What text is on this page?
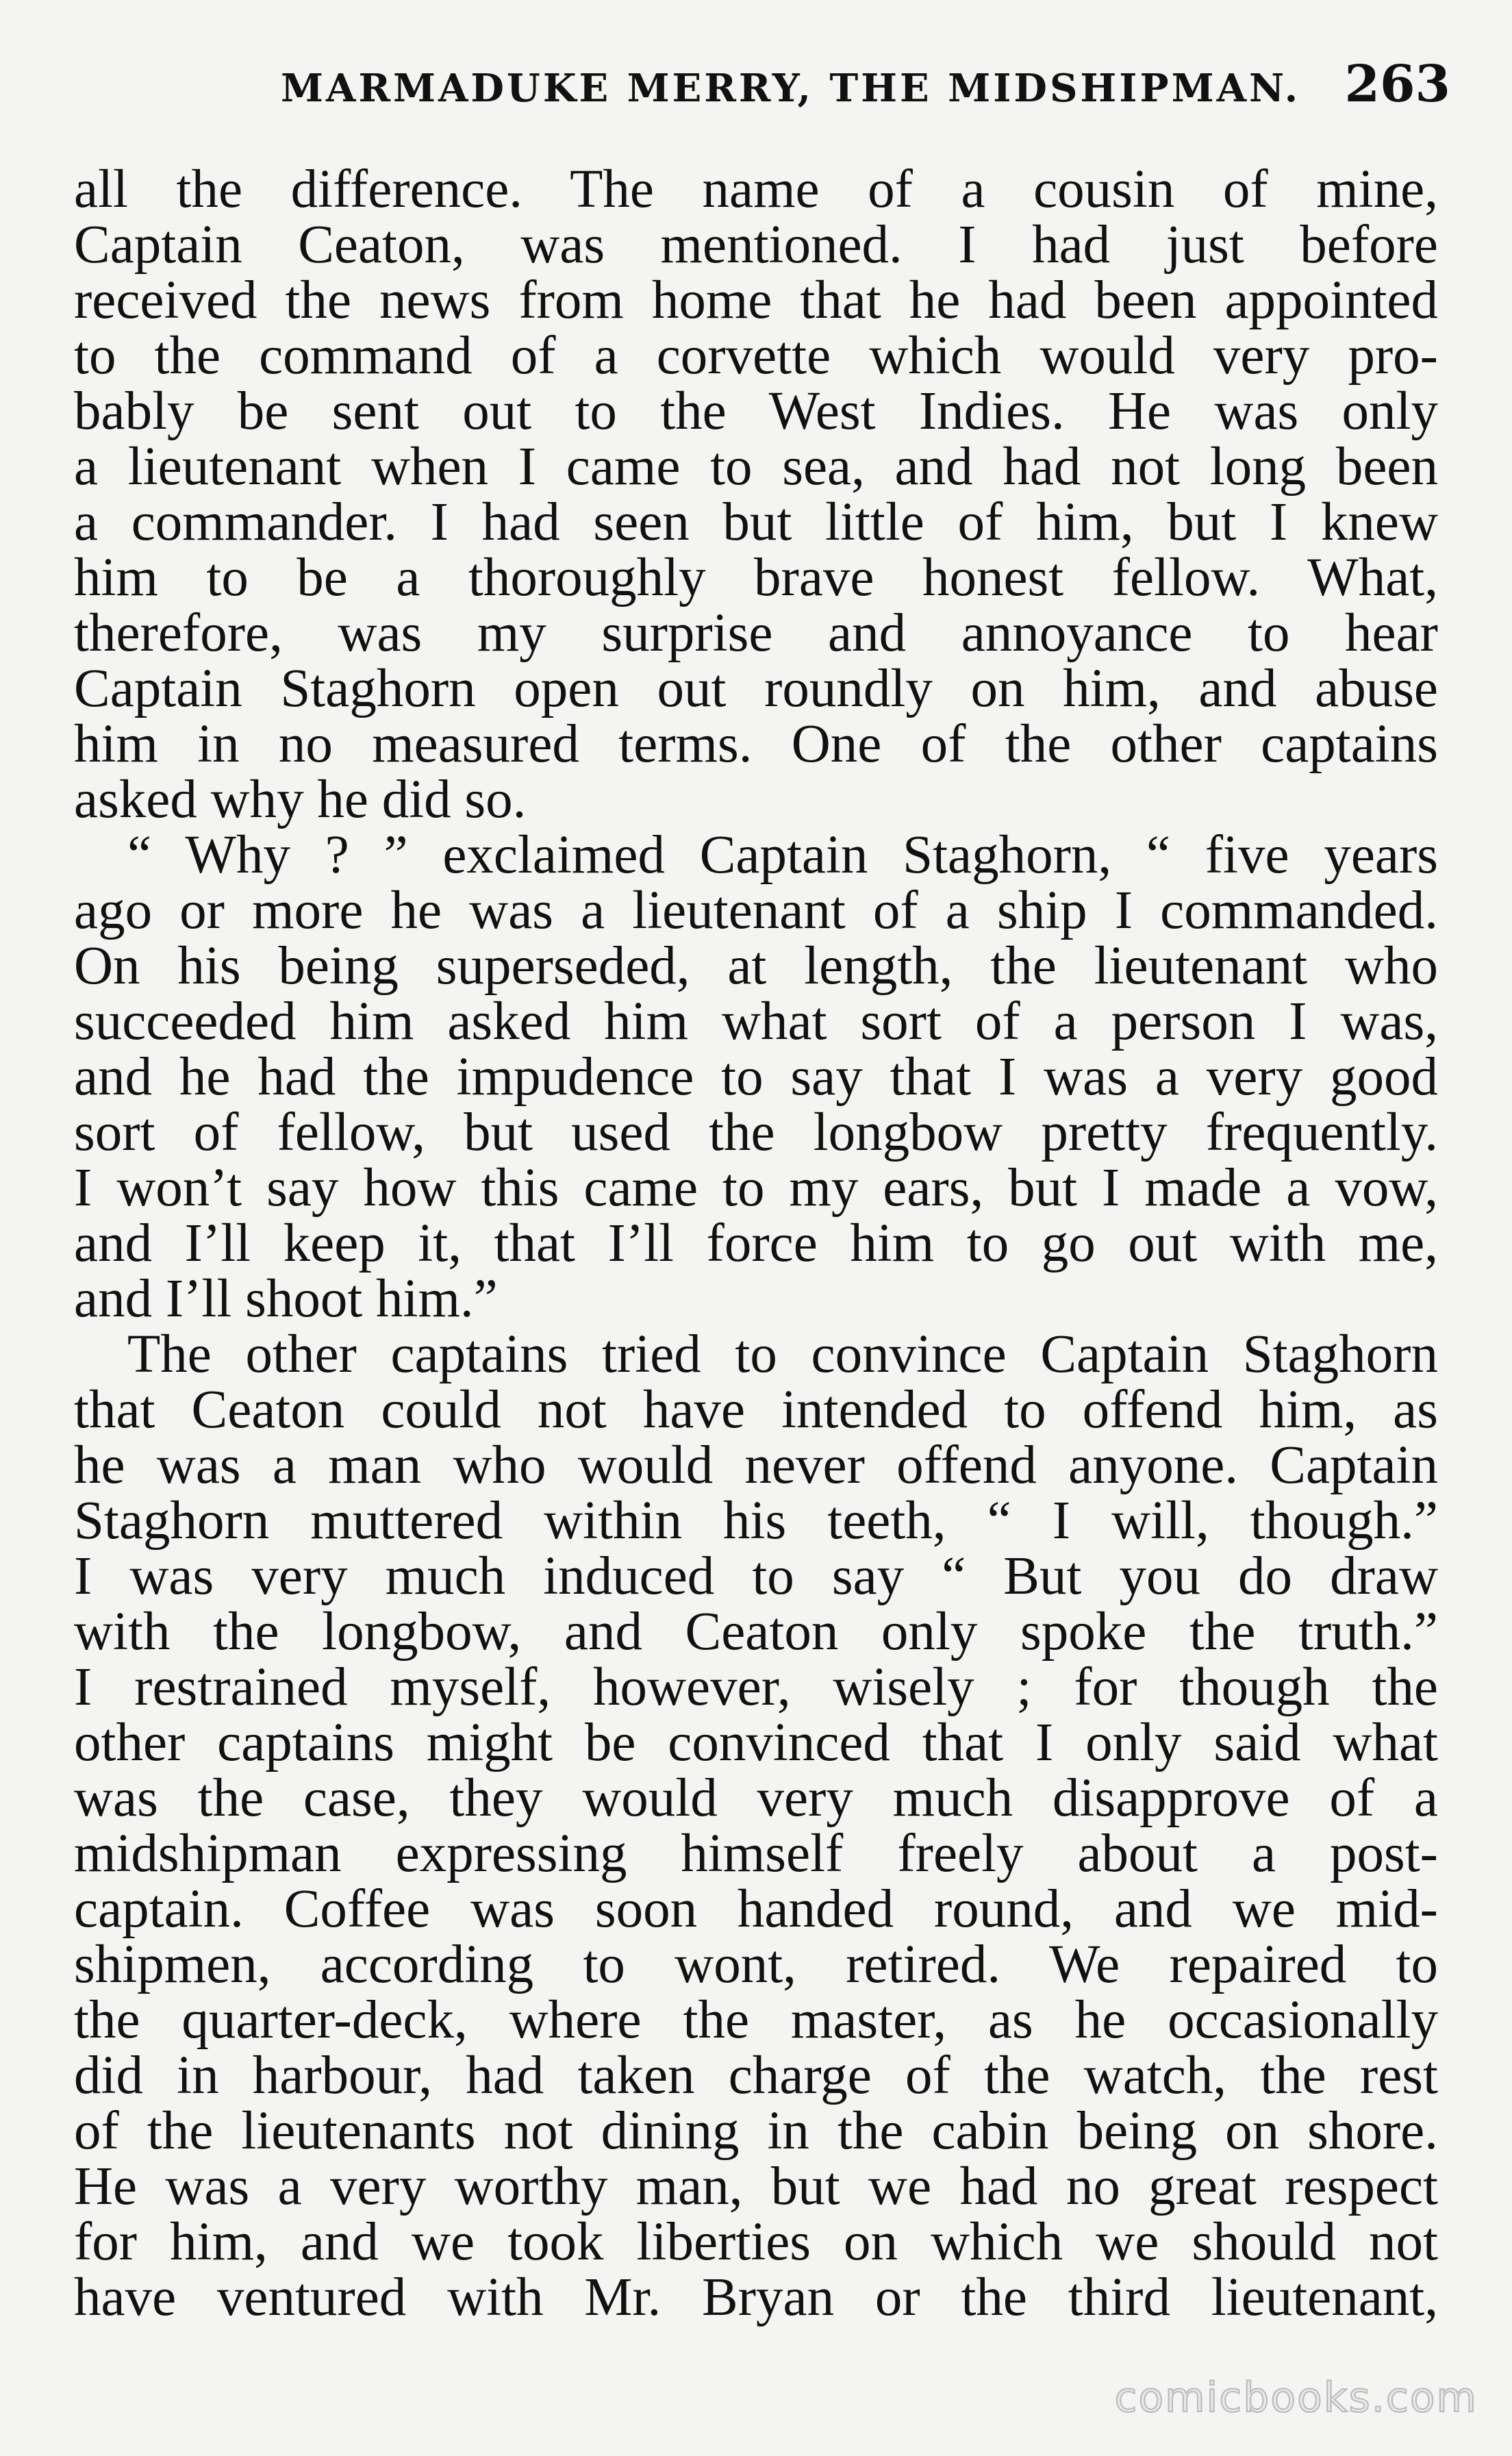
MARMADUKE MERRY, THE MIDSHIPMAN. 263
all the difference. The name of a cousin of mine,
Captain Ceaton, was mentioned. I had just before
received the news from home that he had been appointed
to the command of a corvette which would very pro-
bably be sent out to the West Indies. He was only
a lieutenant when I came to sea, and had not long been
a commander. I had seen but little of him, but I knew
him to be a thoroughly brave honest fellow. What,
therefore, was my surprise and annoyance to hear
Captain Staghorn open out roundly on him, and abuse
him in no measured terms. One of the other captains
asked why he did so.
“ Why ? ” exclaimed Captain Staghorn, “ five years
ago or more he was a lieutenant of a ship I commanded.
On his being superseded, at length, the lieutenant who
succeeded him asked him what sort of a person I was,
and he had the impudence to say that I was a very good
sort of fellow, but used the longbow pretty frequently.
I won’t say how this came to my ears, but I made a vow,
and I’ll keep it, that I’ll force him to go out with me,
and I’ll shoot him.”
The other captains tried to convince Captain Staghorn
that Ceaton could not have intended to offend him, as
he was a man who would never offend anyone. Captain
Staghorn muttered within his teeth, “ I will, though.”
I was very much induced to say “ But you do draw
with the longbow, and Ceaton only spoke the truth.”
I restrained myself, however, wisely ; for though the
other captains might be convinced that I only said what
was the case, they would very much disapprove of a
midshipman expressing himself freely about a post-
captain. Coffee was soon handed round, and we mid-
shipmen, according to wont, retired. We repaired to
the quarter-deck, where the master, as he occasionally
did in harbour, had taken charge of the watch, the rest
of the lieutenants not dining in the cabin being on shore.
He was a very worthy man, but we had no great respect
for him, and we took liberties on which we should not
have ventured with Mr. Bryan or the third lieutenant,
comicbooks.com
